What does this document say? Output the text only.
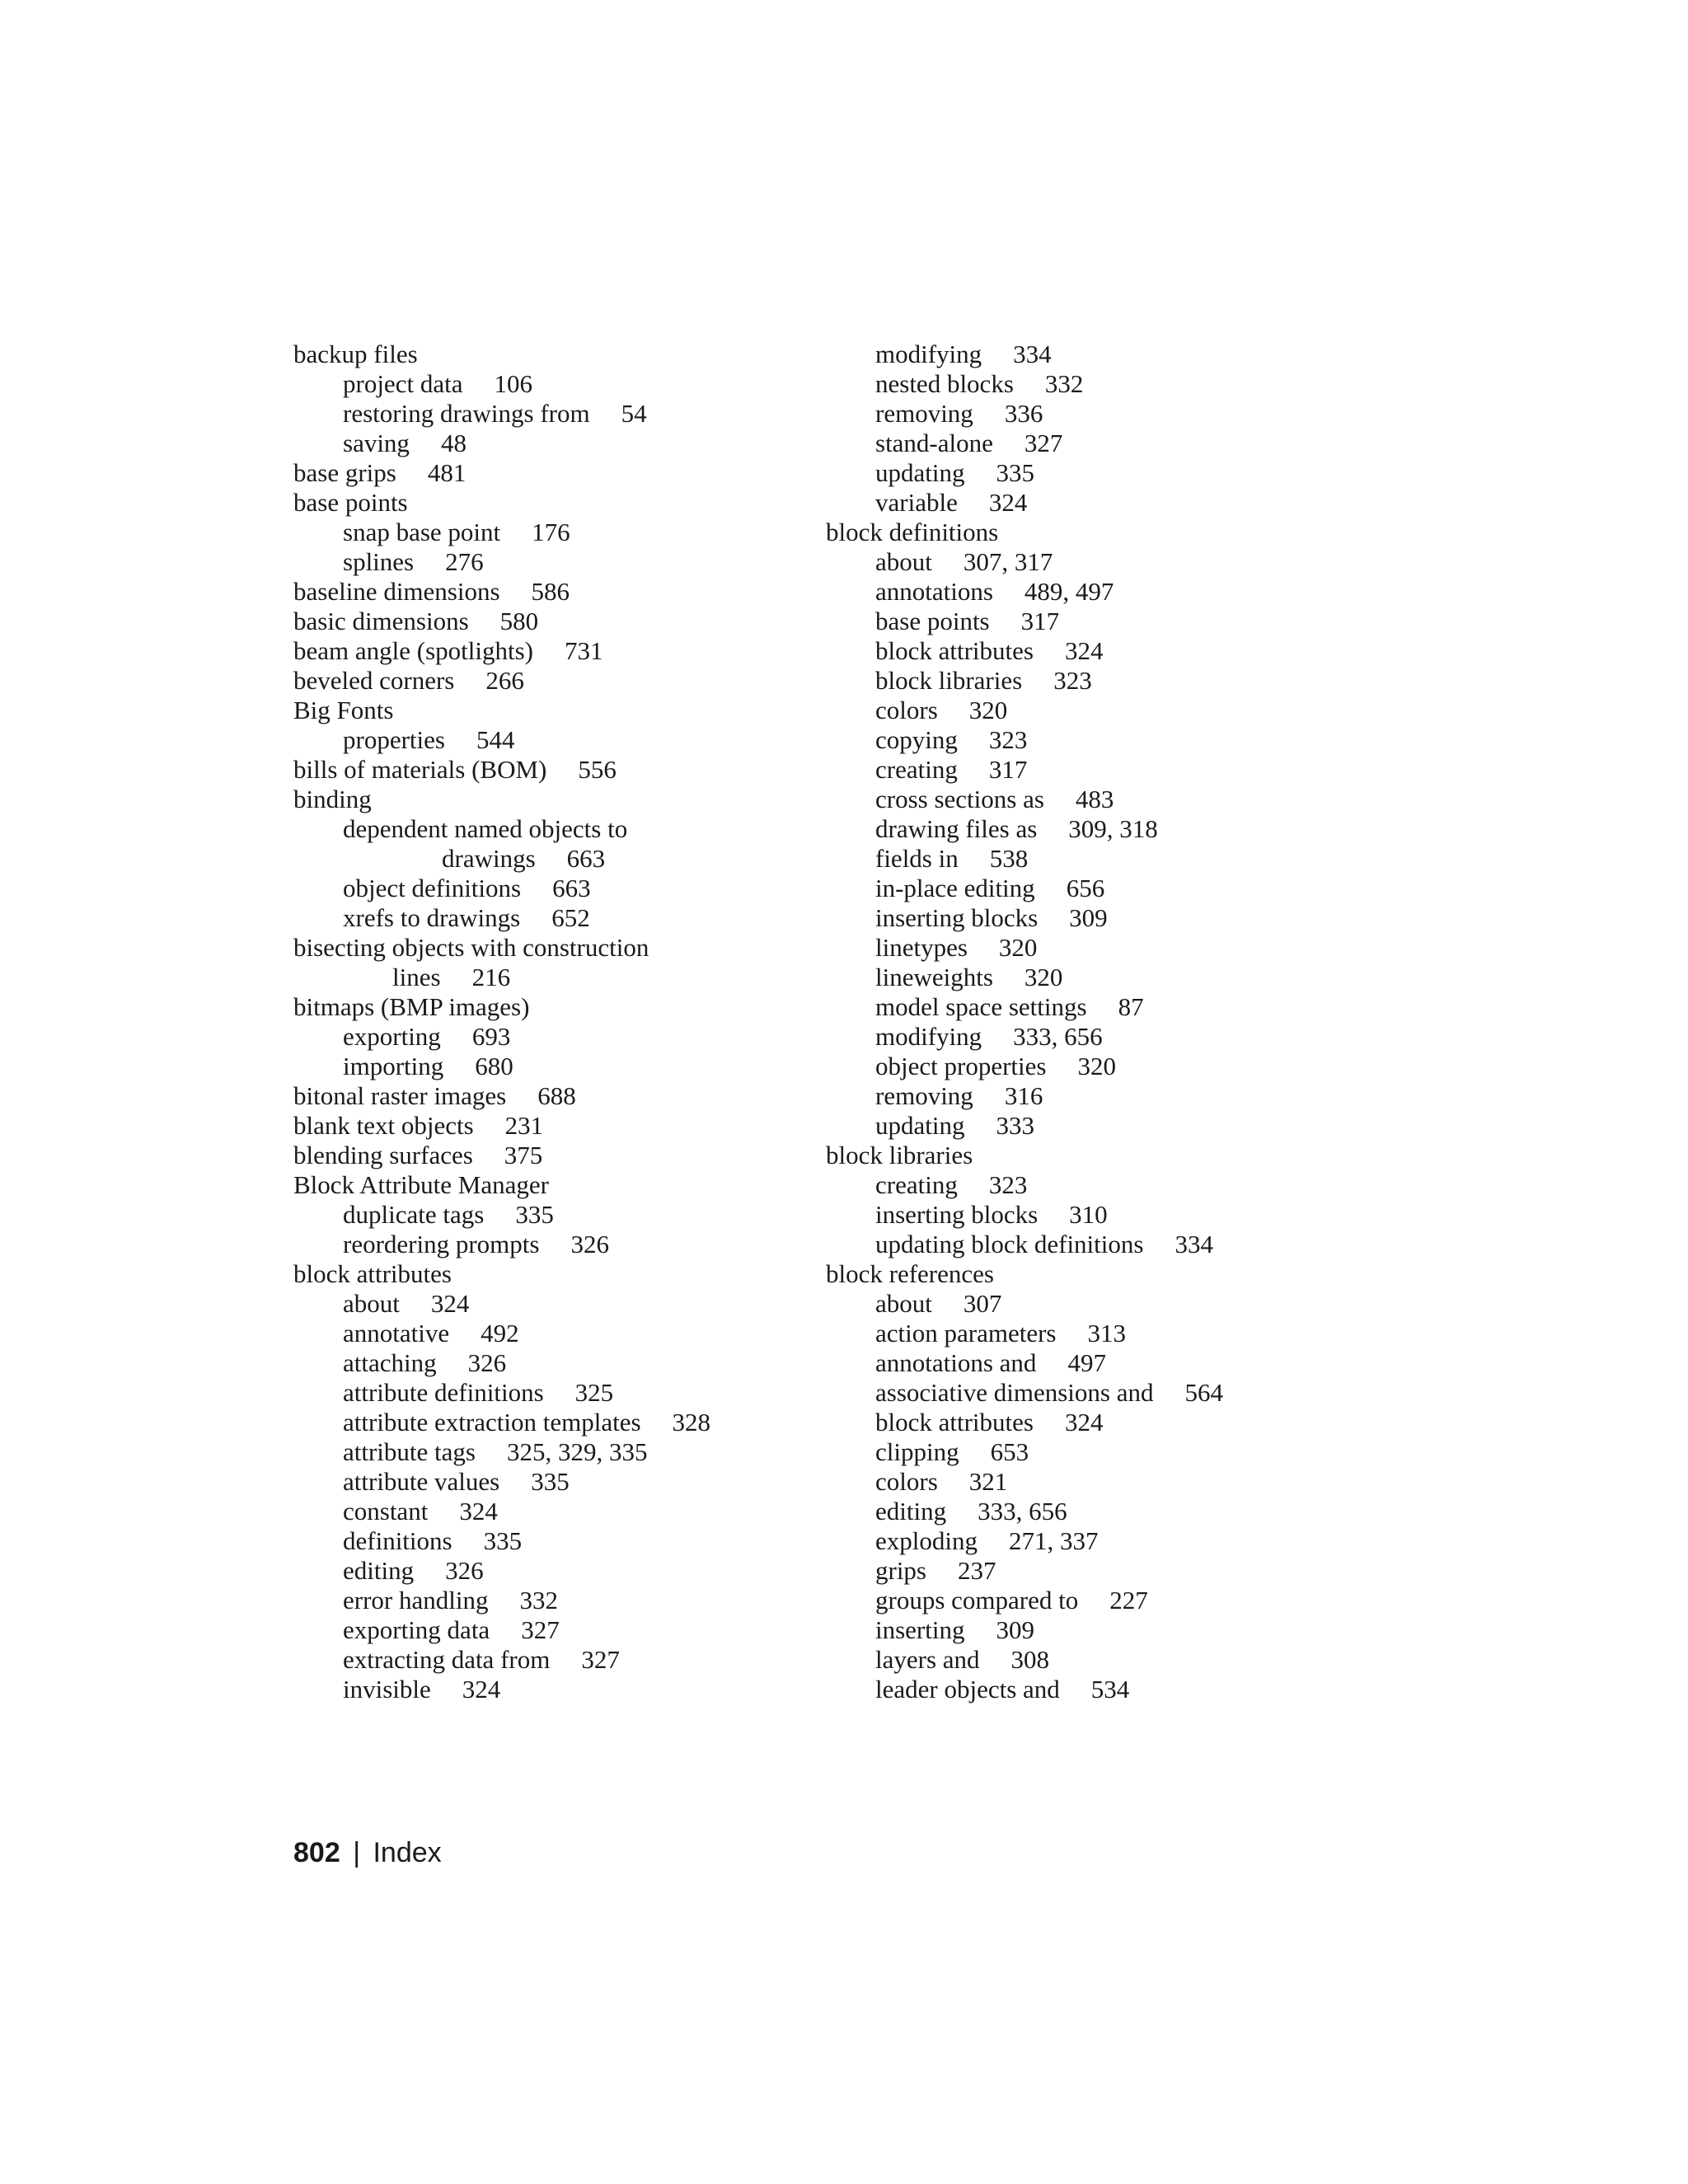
backup files
project data 106
restoring drawings from 54
saving 48
base grips 481
base points
snap base point 176
splines 276
baseline dimensions 586
basic dimensions 580
beam angle (spotlights) 731
beveled corners 266
Big Fonts
properties 544
bills of materials (BOM) 556
binding
dependent named objects to
drawings 663
object definitions 663
xrefs to drawings 652
bisecting objects with construction
lines 216
bitmaps (BMP images)
exporting 693
importing 680
bitonal raster images 688
blank text objects 231
blending surfaces 375
Block Attribute Manager
duplicate tags 335
reordering prompts 326
block attributes
about 324
annotative 492
attaching 326
attribute definitions 325
attribute extraction templates 328
attribute tags 325, 329, 335
attribute values 335
constant 324
definitions 335
editing 326
error handling 332
exporting data 327
extracting data from 327
invisible 324
modifying 334
nested blocks 332
removing 336
stand-alone 327
updating 335
variable 324
block definitions
about 307, 317
annotations 489, 497
base points 317
block attributes 324
block libraries 323
colors 320
copying 323
creating 317
cross sections as 483
drawing files as 309, 318
fields in 538
in-place editing 656
inserting blocks 309
linetypes 320
lineweights 320
model space settings 87
modifying 333, 656
object properties 320
removing 316
updating 333
block libraries
creating 323
inserting blocks 310
updating block definitions 334
block references
about 307
action parameters 313
annotations and 497
associative dimensions and 564
block attributes 324
clipping 653
colors 321
editing 333, 656
exploding 271, 337
grips 237
groups compared to 227
inserting 309
layers and 308
leader objects and 534
802 | Index
